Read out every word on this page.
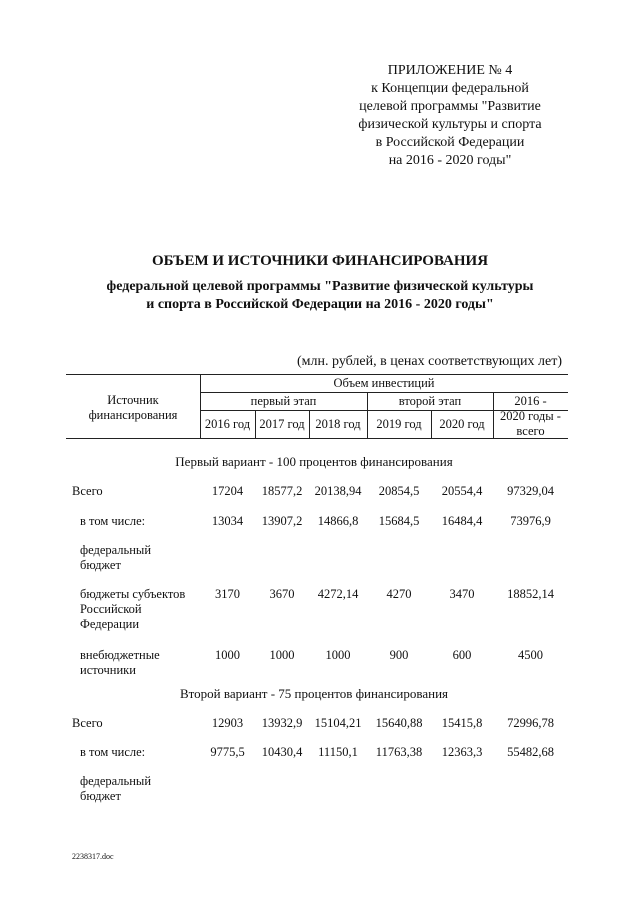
ПРИЛОЖЕНИЕ № 4
к Концепции федеральной
целевой программы "Развитие
физической культуры и спорта
в Российской Федерации
на 2016 - 2020 годы"
ОБЪЕМ И ИСТОЧНИКИ ФИНАНСИРОВАНИЯ
федеральной целевой программы "Развитие физической культуры
и спорта в Российской Федерации на 2016 - 2020 годы"
(млн. рублей, в ценах соответствующих лет)
Источник
финансирования
Объем инвестиций
первый этап	второй этап	2016 -
2020 годы -
всего
2016 год 2017 год 2018 год	2019 год	2020 год
Первый вариант - 100 процентов финансирования
Всего	17204	18577,2 20138,94	20854,5	20554,4	97329,04
в том числе:	13034	13907,2	14866,8	15684,5	16484,4	73976,9
федеральный
бюджет
бюджеты субъектов
Российской
Федерации
3170	3670	4272,14	4270	3470	18852,14
внебюджетные
источники
1000	1000	1000	900	600	4500
Второй вариант - 75 процентов финансирования
Всего	12903	13932,9 15104,21	15640,88	15415,8	72996,78
в том числе:	9775,5	10430,4	11150,1	11763,38	12363,3	55482,68
федеральный
бюджет
2238317.doc
